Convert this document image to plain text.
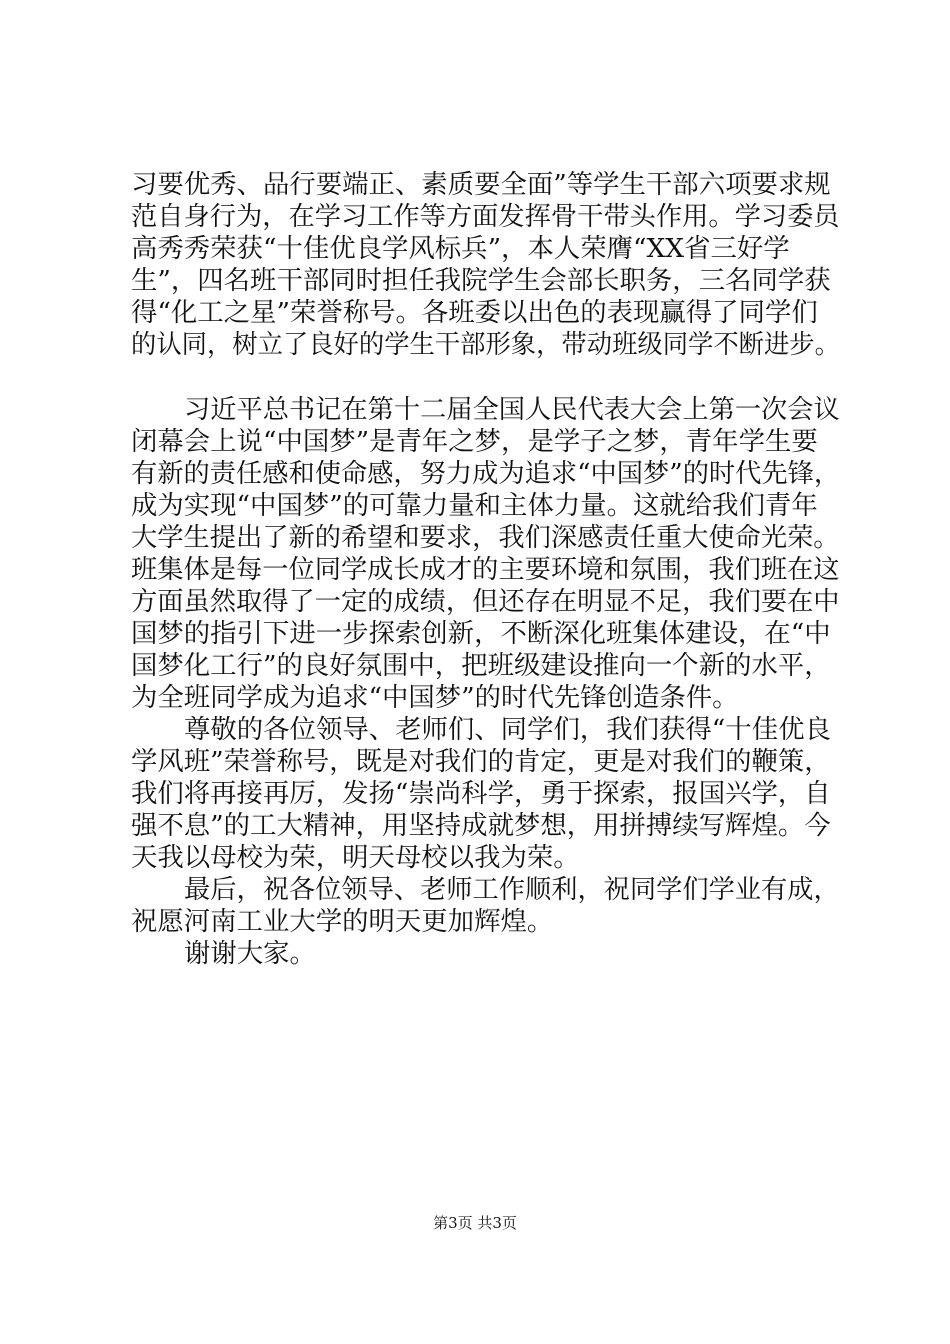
习要优秀、品行要端正、素质要全面”等学生干部六项要求规
范自身行为，在学习工作等方面发挥骨干带头作用。学习委员
高秀秀荣获“十佳优良学风标兵”，本人荣膺“XX省三好学
生”，四名班干部同时担任我院学生会部长职务，三名同学获
得“化工之星”荣誉称号。各班委以出色的表现赢得了同学们
的认同，树立了良好的学生干部形象，带动班级同学不断进步。
习近平总书记在第十二届全国人民代表大会上第一次会议
闭幕会上说“中国梦”是青年之梦，是学子之梦，青年学生要
有新的责任感和使命感，努力成为追求“中国梦”的时代先锋，
成为实现“中国梦”的可靠力量和主体力量。这就给我们青年
大学生提出了新的希望和要求，我们深感责任重大使命光荣。
班集体是每一位同学成长成才的主要环境和氛围，我们班在这
方面虽然取得了一定的成绩，但还存在明显不足，我们要在中
国梦的指引下进一步探索创新，不断深化班集体建设，在“中
国梦化工行”的良好氛围中，把班级建设推向一个新的水平，
为全班同学成为追求“中国梦”的时代先锋创造条件。
尊敬的各位领导、老师们、同学们，我们获得“十佳优良
学风班”荣誉称号，既是对我们的肯定，更是对我们的鞭策，
我们将再接再厉，发扬“崇尚科学，勇于探索，报国兴学，自
强不息”的工大精神，用坚持成就梦想，用拼搏续写辉煌。今
天我以母校为荣，明天母校以我为荣。
最后，祝各位领导、老师工作顺利，祝同学们学业有成，
祝愿河南工业大学的明天更加辉煌。
谢谢大家。
第3页 共3页
